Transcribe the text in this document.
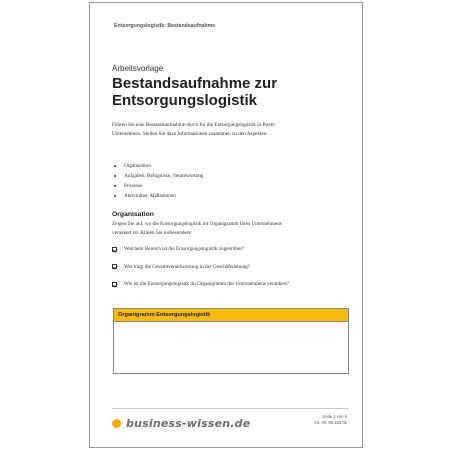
Entsorgungslogistik: Bestandsaufnahme
Arbeitsvorlage
Bestandsaufnahme zur
Entsorgungslogistik
Führen Sie eine Bestandsaufnahme durch für die Entsorgungslogistik in Ihrem Unternehmen. Stellen Sie dazu Informationen zusammen zu den Aspekten:
Organisation
Aufgaben, Befugnisse, Verantwortung
Prozesse
Aktivitäten, Maßnahmen
Organisation
Zeigen Sie auf, wo die Entsorgungslogistik im Organigramm Ihres Unternehmens verankert ist. Klären Sie insbesondere:
Welchem Bereich ist die Entsorgungslogistik zugeordnet?
Wer trägt die Gesamtverantwortung in der Geschäftsleitung?
Wie ist die Entsorgungslogistik im Organigramm des Unternehmens verankert?
Organigramm Entsorgungslogistik
business-wissen.de
Seite 1 von 6
Art.-Nr. 99.183.02
